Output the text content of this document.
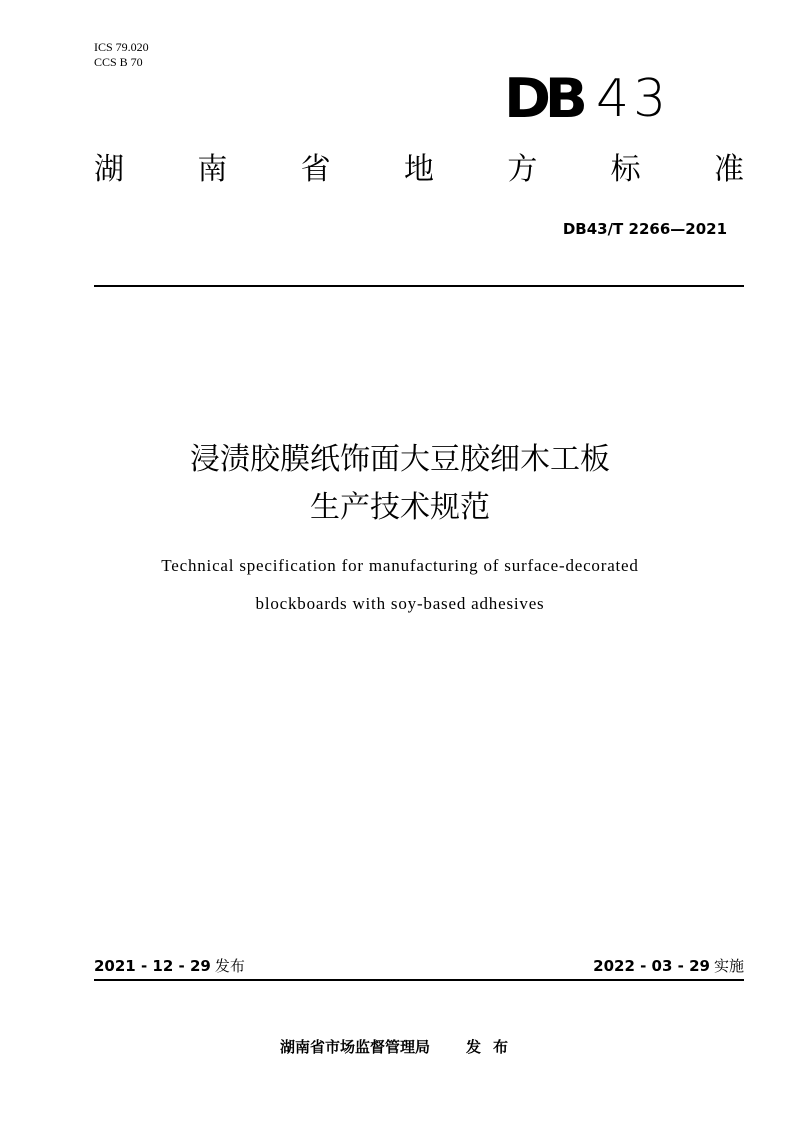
ICS 79.020
CCS B 70
DB 43
湖 南 省 地 方 标 准
DB43/T 2266—2021
浸渍胶膜纸饰面大豆胶细木工板
生产技术规范
Technical specification for manufacturing of surface-decorated
blockboards with soy-based adhesives
2021 - 12 - 29 发布	2022 - 03 - 29 实施
湖南省市场监督管理局 发布
